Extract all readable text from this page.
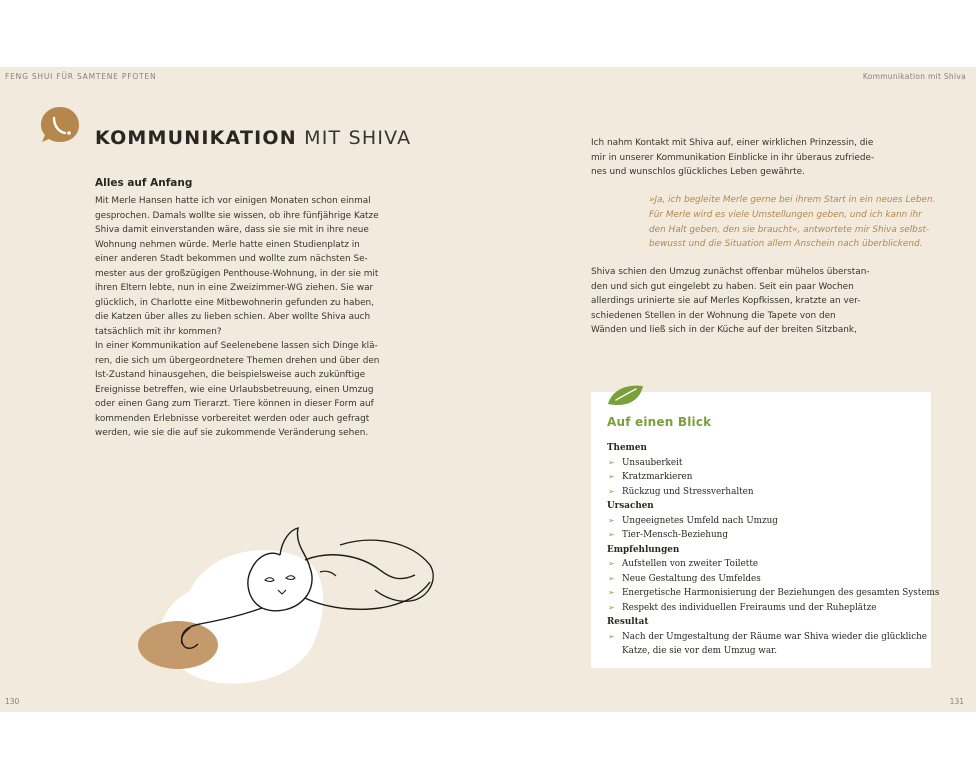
FENG SHUI FÜR SAMTENE PFOTEN	Kommunikation mit Shiva
130	131
KOMMUNIKATION MIT SHIVA
Alles auf Anfang
Mit Merle Hansen hatte ich vor einigen Monaten schon einmal
gesprochen. Damals wollte sie wissen, ob ihre fünfjährige Katze
Shiva damit einverstanden wäre, dass sie sie mit in ihre neue
Wohnung nehmen würde. Merle hatte einen Studienplatz in
einer anderen Stadt bekommen und wollte zum nächsten Se-
mester aus der großzügigen Penthouse-Wohnung, in der sie mit
ihren Eltern lebte, nun in eine Zweizimmer-WG ziehen. Sie war
glücklich, in Charlotte eine Mitbewohnerin gefunden zu haben,
die Katzen über alles zu lieben schien. Aber wollte Shiva auch
tatsächlich mit ihr kommen?
In einer Kommunikation auf Seelenebene lassen sich Dinge klä-
ren, die sich um übergeordnetere Themen drehen und über den
Ist-Zustand hinausgehen, die beispielsweise auch zukünftige
Ereignisse betreffen, wie eine Urlaubsbetreuung, einen Umzug
oder einen Gang zum Tierarzt. Tiere können in dieser Form auf
kommenden Erlebnisse vorbereitet werden oder auch gefragt
werden, wie sie die auf sie zukommende Veränderung sehen.
Ich nahm Kontakt mit Shiva auf, einer wirklichen Prinzessin, die
mir in unserer Kommunikation Einblicke in ihr überaus zufriede-
nes und wunschlos glückliches Leben gewährte.
»Ja, ich begleite Merle gerne bei ihrem Start in ein neues Leben.
Für Merle wird es viele Umstellungen geben, und ich kann ihr
den Halt geben, den sie braucht«, antwortete mir Shiva selbst-
bewusst und die Situation allem Anschein nach überblickend.
Shiva schien den Umzug zunächst offenbar mühelos überstan-
den und sich gut eingelebt zu haben. Seit ein paar Wochen
allerdings urinierte sie auf Merles Kopfkissen, kratzte an ver-
schiedenen Stellen in der Wohnung die Tapete von den
Wänden und ließ sich in der Küche auf der breiten Sitzbank,
Auf einen Blick
Themen
➢ Unsauberkeit
➢ Kratzmarkieren
➢ Rückzug und Stressverhalten
Ursachen
➢ Ungeeignetes Umfeld nach Umzug
➢ Tier-Mensch-Beziehung
Empfehlungen
➢ Aufstellen von zweiter Toilette
➢ Neue Gestaltung des Umfeldes
➢ Energetische Harmonisierung der Beziehungen des gesamten Systems
➢ Respekt des individuellen Freiraums und der Ruheplätze
Resultat
➢ Nach der Umgestaltung der Räume war Shiva wieder die glückliche
Katze, die sie vor dem Umzug war.
